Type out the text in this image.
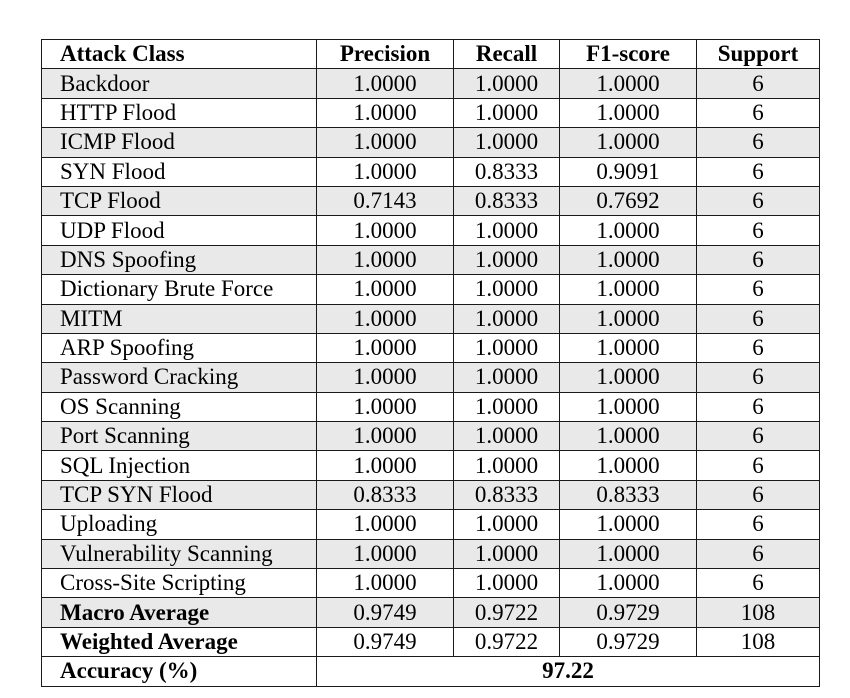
Attack Class	Precision	Recall	F1-score	Support
Backdoor	1.0000	1.0000	1.0000	6
HTTP Flood	1.0000	1.0000	1.0000	6
ICMP Flood	1.0000	1.0000	1.0000	6
SYN Flood	1.0000	0.8333	0.9091	6
TCP Flood	0.7143	0.8333	0.7692	6
UDP Flood	1.0000	1.0000	1.0000	6
DNS Spoofing	1.0000	1.0000	1.0000	6
Dictionary Brute Force	1.0000	1.0000	1.0000	6
MITM	1.0000	1.0000	1.0000	6
ARP Spoofing	1.0000	1.0000	1.0000	6
Password Cracking	1.0000	1.0000	1.0000	6
OS Scanning	1.0000	1.0000	1.0000	6
Port Scanning	1.0000	1.0000	1.0000	6
SQL Injection	1.0000	1.0000	1.0000	6
TCP SYN Flood	0.8333	0.8333	0.8333	6
Uploading	1.0000	1.0000	1.0000	6
Vulnerability Scanning	1.0000	1.0000	1.0000	6
Cross-Site Scripting	1.0000	1.0000	1.0000	6
Macro Average	0.9749	0.9722	0.9729	108
Weighted Average	0.9749	0.9722	0.9729	108
Accuracy (%)	97.22			
